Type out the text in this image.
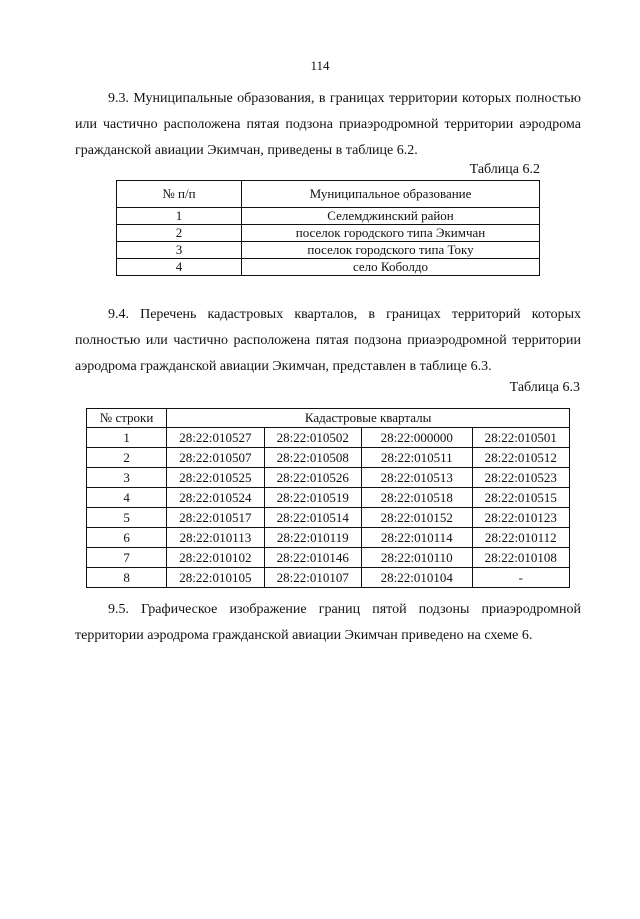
114

9.3. Муниципальные образования, в границах территории которых полностью
или частично расположена пятая подзона приаэродромной территории аэродрома
гражданской авиации Экимчан, приведены в таблице 6.2.

Таблица 6.2
№ п/п	Муниципальное образование
1	Селемджинский район
2	поселок городского типа Экимчан
3	поселок городского типа Току
4	село Коболдо

9.4. Перечень кадастровых кварталов, в границах территорий которых
полностью или частично расположена пятая подзона приаэродромной территории
аэродрома гражданской авиации Экимчан, представлен в таблице 6.3.

Таблица 6.3
№ строки	Кадастровые кварталы			
1	28:22:010527	28:22:010502	28:22:000000	28:22:010501
2	28:22:010507	28:22:010508	28:22:010511	28:22:010512
3	28:22:010525	28:22:010526	28:22:010513	28:22:010523
4	28:22:010524	28:22:010519	28:22:010518	28:22:010515
5	28:22:010517	28:22:010514	28:22:010152	28:22:010123
6	28:22:010113	28:22:010119	28:22:010114	28:22:010112
7	28:22:010102	28:22:010146	28:22:010110	28:22:010108
8	28:22:010105	28:22:010107	28:22:010104	-

9.5. Графическое изображение границ пятой подзоны приаэродромной
территории аэродрома гражданской авиации Экимчан приведено на схеме 6.
